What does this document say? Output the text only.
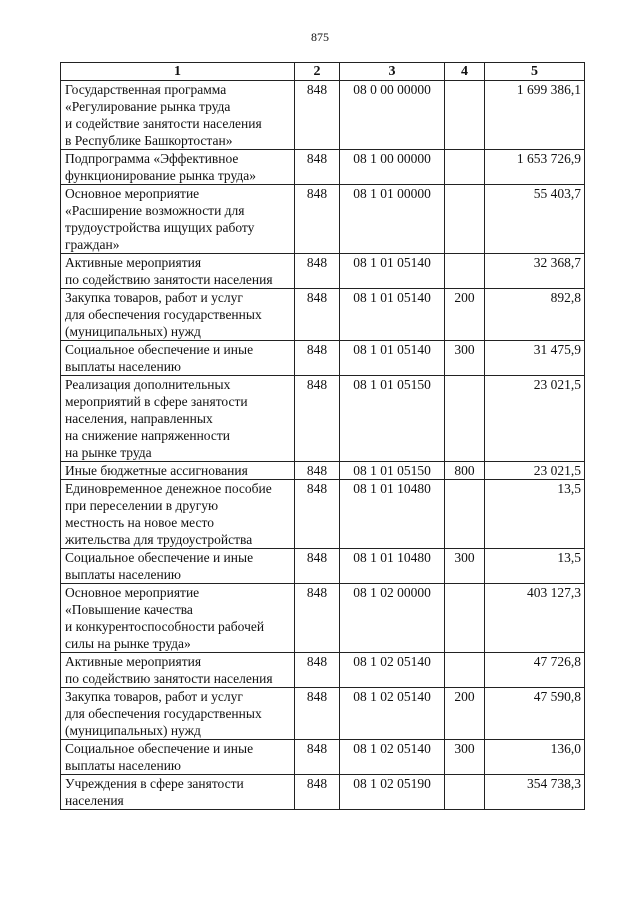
875
1	2	3	4	5
Государственная программа
«Регулирование рынка труда
и содействие занятости населения
в Республике Башкортостан»	848	08 0 00 00000		1 699 386,1
Подпрограмма «Эффективное
функционирование рынка труда»	848	08 1 00 00000		1 653 726,9
Основное мероприятие
«Расширение возможности для
трудоустройства ищущих работу
граждан»	848	08 1 01 00000		55 403,7
Активные мероприятия
по содействию занятости населения	848	08 1 01 05140		32 368,7
Закупка товаров, работ и услуг
для обеспечения государственных
(муниципальных) нужд	848	08 1 01 05140	200	892,8
Социальное обеспечение и иные
выплаты населению	848	08 1 01 05140	300	31 475,9
Реализация дополнительных
мероприятий в сфере занятости
населения, направленных
на снижение напряженности
на рынке труда	848	08 1 01 05150		23 021,5
Иные бюджетные ассигнования	848	08 1 01 05150	800	23 021,5
Единовременное денежное пособие
при переселении в другую
местность на новое место
жительства для трудоустройства	848	08 1 01 10480		13,5
Социальное обеспечение и иные
выплаты населению	848	08 1 01 10480	300	13,5
Основное мероприятие
«Повышение качества
и конкурентоспособности рабочей
силы на рынке труда»	848	08 1 02 00000		403 127,3
Активные мероприятия
по содействию занятости населения	848	08 1 02 05140		47 726,8
Закупка товаров, работ и услуг
для обеспечения государственных
(муниципальных) нужд	848	08 1 02 05140	200	47 590,8
Социальное обеспечение и иные
выплаты населению	848	08 1 02 05140	300	136,0
Учреждения в сфере занятости
населения	848	08 1 02 05190		354 738,3
